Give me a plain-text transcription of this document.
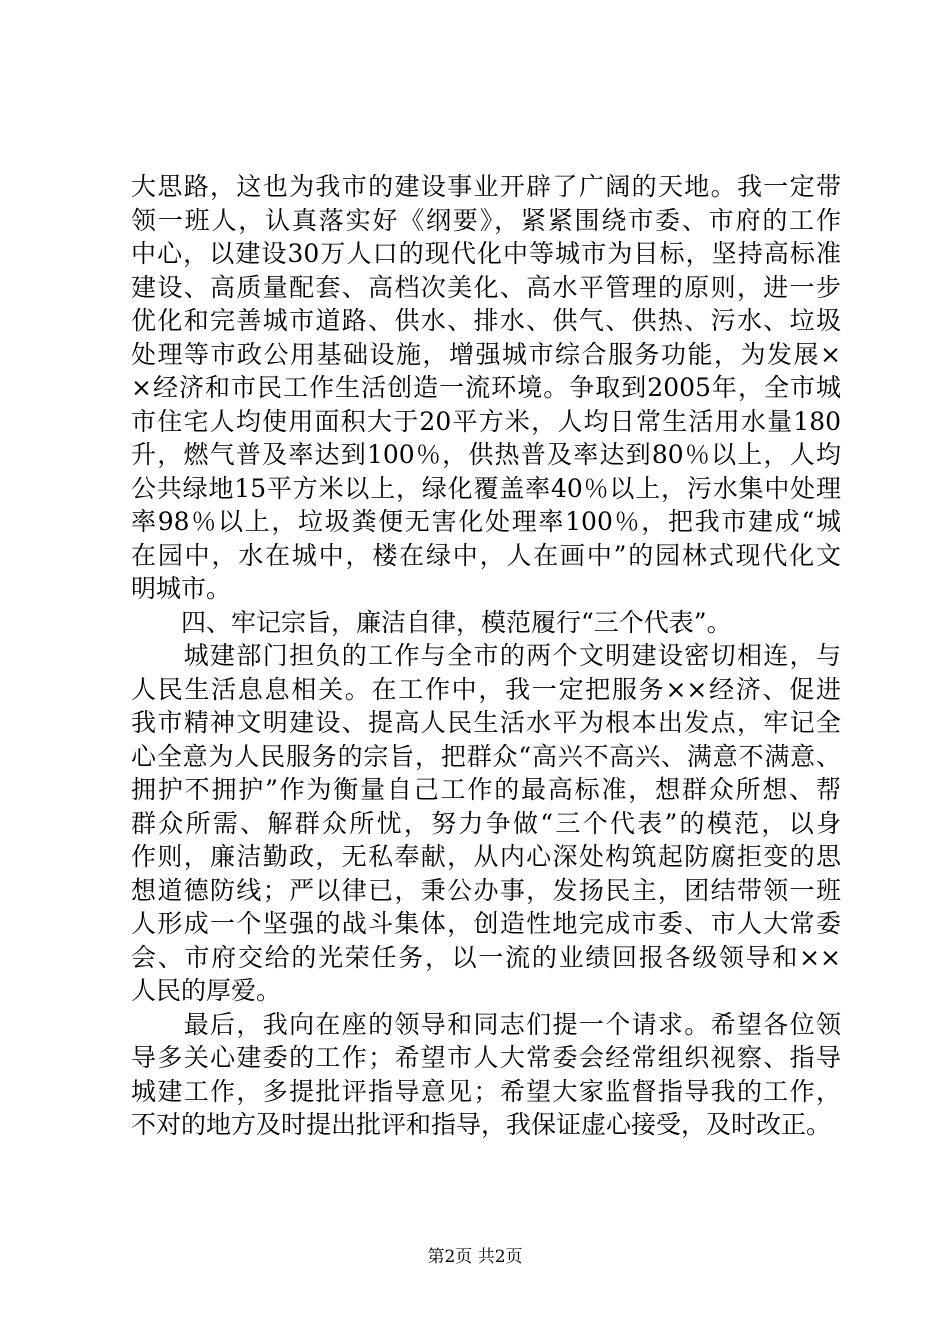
大思路，这也为我市的建设事业开辟了广阔的天地。我一定带
领一班人，认真落实好《纲要》，紧紧围绕市委、市府的工作
中心，以建设30万人口的现代化中等城市为目标，坚持高标准
建设、高质量配套、高档次美化、高水平管理的原则，进一步
优化和完善城市道路、供水、排水、供气、供热、污水、垃圾
处理等市政公用基础设施，增强城市综合服务功能，为发展×
×经济和市民工作生活创造一流环境。争取到2005年，全市城
市住宅人均使用面积大于20平方米，人均日常生活用水量180
升，燃气普及率达到100％，供热普及率达到80％以上，人均
公共绿地15平方米以上，绿化覆盖率40％以上，污水集中处理
率98％以上，垃圾粪便无害化处理率100％，把我市建成“城
在园中，水在城中，楼在绿中，人在画中”的园林式现代化文
明城市。
　　四、牢记宗旨，廉洁自律，模范履行“三个代表”。
　　城建部门担负的工作与全市的两个文明建设密切相连，与
人民生活息息相关。在工作中，我一定把服务××经济、促进
我市精神文明建设、提高人民生活水平为根本出发点，牢记全
心全意为人民服务的宗旨，把群众“高兴不高兴、满意不满意、
拥护不拥护”作为衡量自己工作的最高标准，想群众所想、帮
群众所需、解群众所忧，努力争做“三个代表”的模范，以身
作则，廉洁勤政，无私奉献，从内心深处构筑起防腐拒变的思
想道德防线；严以律已，秉公办事，发扬民主，团结带领一班
人形成一个坚强的战斗集体，创造性地完成市委、市人大常委
会、市府交给的光荣任务，以一流的业绩回报各级领导和××
人民的厚爱。
　　最后，我向在座的领导和同志们提一个请求。希望各位领
导多关心建委的工作；希望市人大常委会经常组织视察、指导
城建工作，多提批评指导意见；希望大家监督指导我的工作，
不对的地方及时提出批评和指导，我保证虚心接受，及时改正。
第2页 共2页
